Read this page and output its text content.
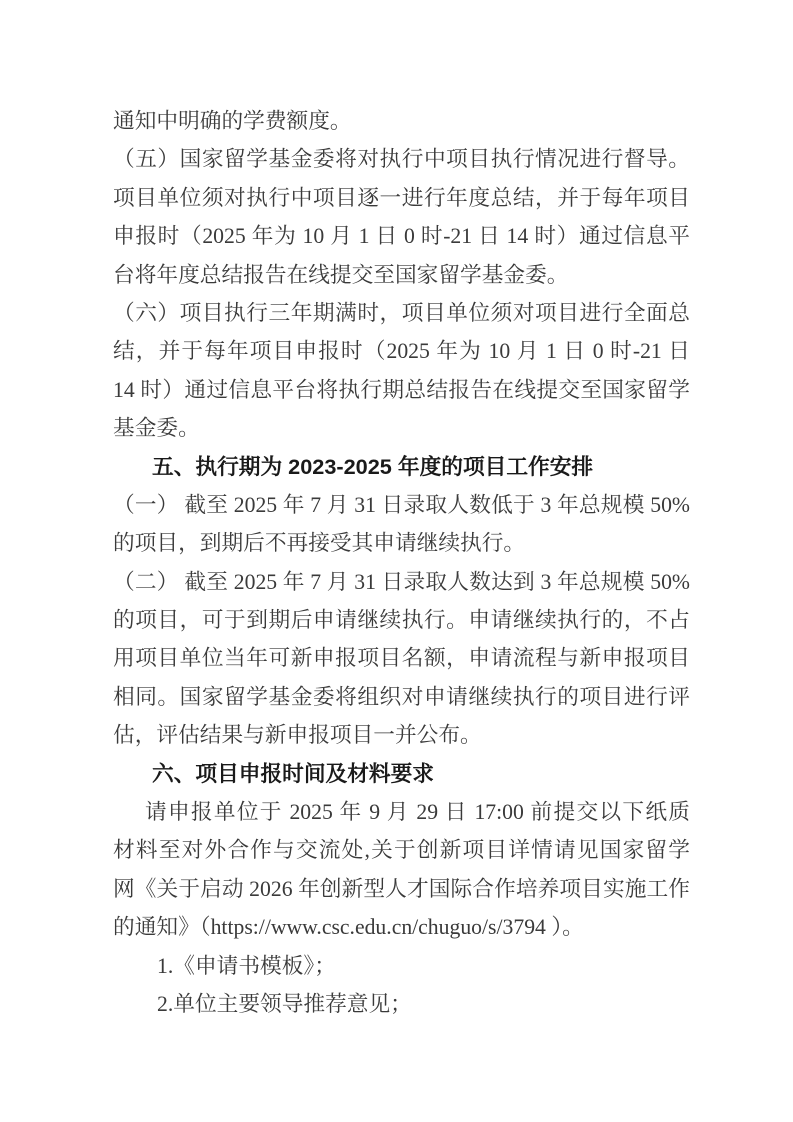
通知中明确的学费额度。
（五）国家留学基金委将对执行中项目执行情况进行督导。
项目单位须对执行中项目逐一进行年度总结，并于每年项目
申报时（2025 年为 10 月 1 日 0 时-21 日 14 时）通过信息平
台将年度总结报告在线提交至国家留学基金委。
（六）项目执行三年期满时，项目单位须对项目进行全面总
结，并于每年项目申报时（2025 年为 10 月 1 日 0 时-21 日
14 时）通过信息平台将执行期总结报告在线提交至国家留学
基金委。
五、执行期为 2023-2025 年度的项目工作安排
（一） 截至 2025 年 7 月 31 日录取人数低于 3 年总规模 50%
的项目，到期后不再接受其申请继续执行。
（二） 截至 2025 年 7 月 31 日录取人数达到 3 年总规模 50%
的项目，可于到期后申请继续执行。申请继续执行的，不占
用项目单位当年可新申报项目名额，申请流程与新申报项目
相同。国家留学基金委将组织对申请继续执行的项目进行评
估，评估结果与新申报项目一并公布。
六、项目申报时间及材料要求
请申报单位于 2025 年 9 月 29 日 17:00 前提交以下纸质
材料至对外合作与交流处,关于创新项目详情请见国家留学
网《关于启动 2026 年创新型人才国际合作培养项目实施工作
的通知》（https://www.csc.edu.cn/chuguo/s/3794 ）。
1.《申请书模板》；
2.单位主要领导推荐意见；
